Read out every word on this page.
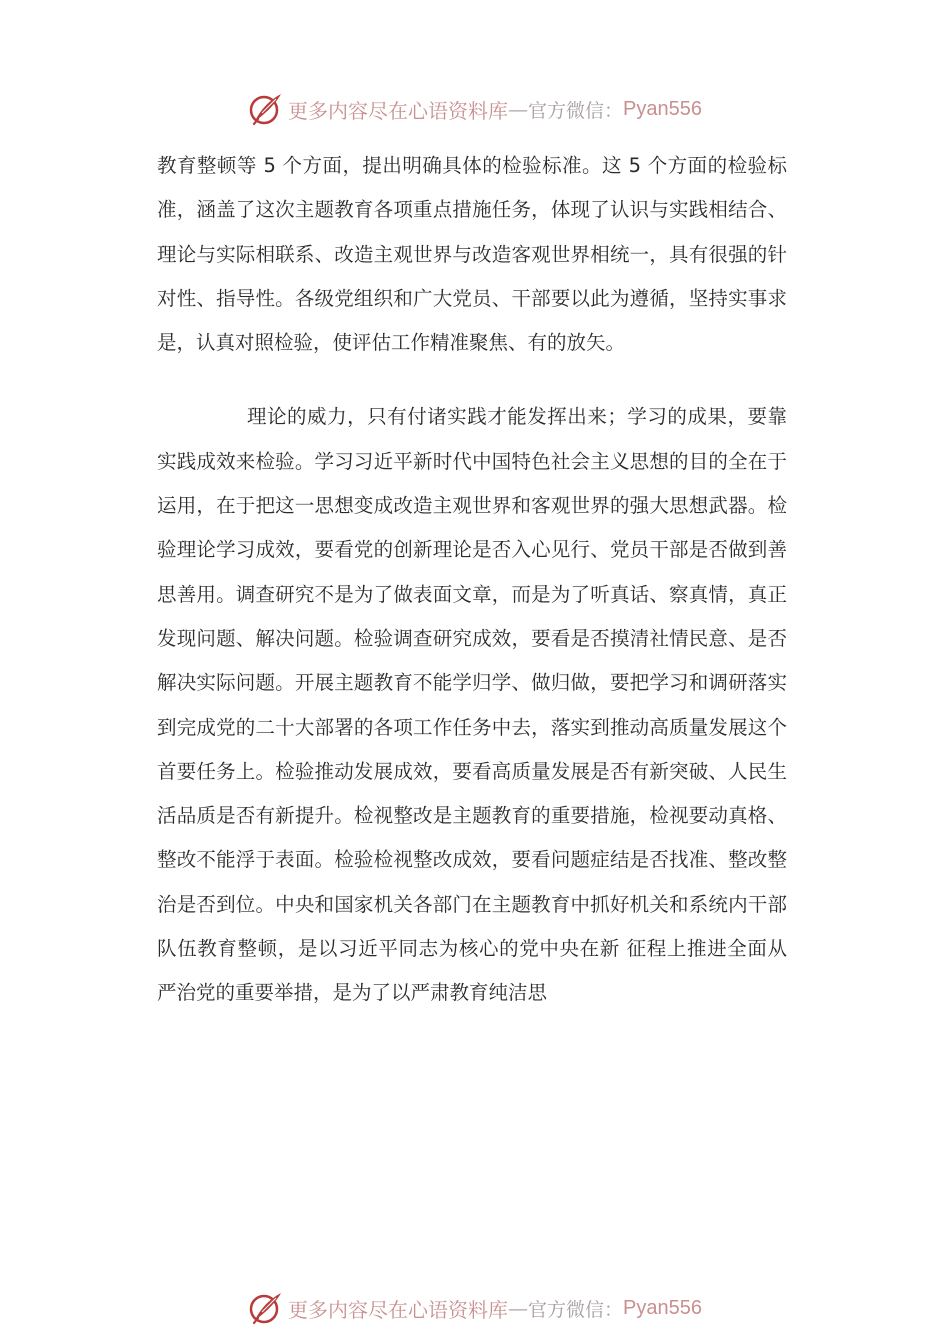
更多内容尽在心语资料库 — 官方微信： Pyan556

教育整顿等 5 个方面，提出明确具体的检验标准。这 5 个方面的检验标准，涵盖了这次主题教育各项重点措施任务，体现了认识与实践相结合、理论与实际相联系、改造主观世界与改造客观世界相统一，具有很强的针对性、指导性。各级党组织和广大党员、干部要以此为遵循，坚持实事求是，认真对照检验，使评估工作精准聚焦、有的放矢。

理论的威力，只有付诸实践才能发挥出来；学习的成果，要靠实践成效来检验。学习习近平新时代中国特色社会主义思想的目的全在于运用，在于把这一思想变成改造主观世界和客观世界的强大思想武器。检验理论学习成效，要看党的创新理论是否入心见行、党员干部是否做到善思善用。调查研究不是为了做表面文章，而是为了听真话、察真情，真正发现问题、解决问题。检验调查研究成效，要看是否摸清社情民意、是否解决实际问题。开展主题教育不能学归学、做归做，要把学习和调研落实到完成党的二十大部署的各项工作任务中去，落实到推动高质量发展这个首要任务上。检验推动发展成效，要看高质量发展是否有新突破、人民生活品质是否有新提升。检视整改是主题教育的重要措施，检视要动真格、整改不能浮于表面。检验检视整改成效，要看问题症结是否找准、整改整治是否到位。中央和国家机关各部门在主题教育中抓好机关和系统内干部队伍教育整顿，是以习近平同志为核心的党中央在新 征程上推进全面从严治党的重要举措，是为了以严肃教育纯洁思

更多内容尽在心语资料库 — 官方微信： Pyan556
